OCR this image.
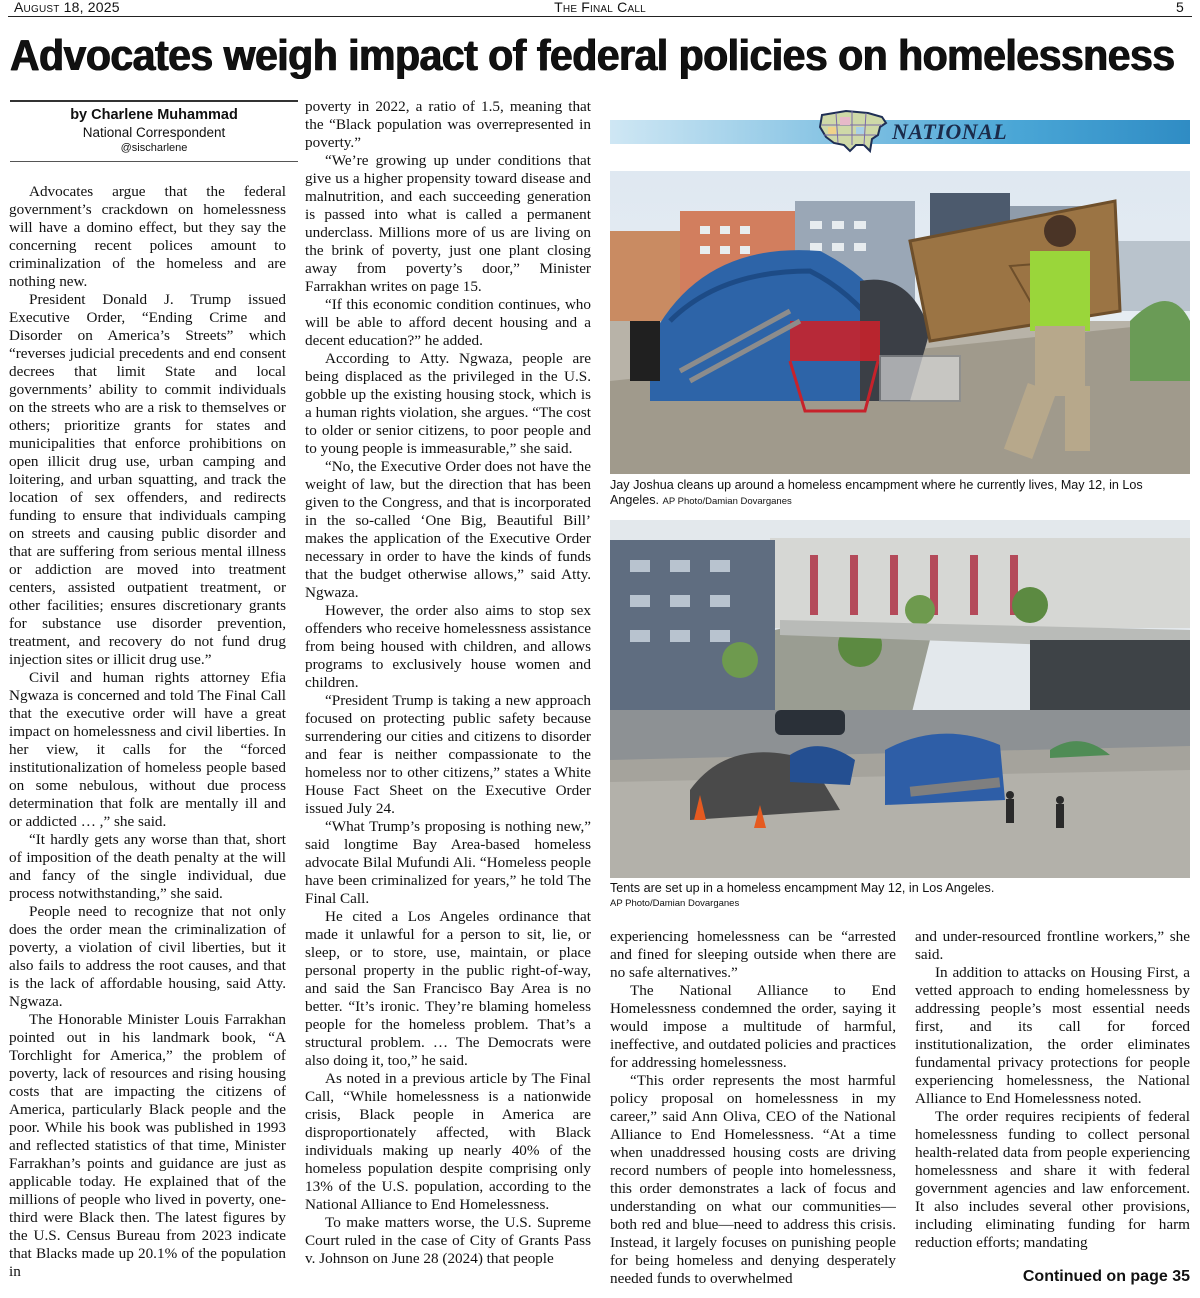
August 18, 2025	The Final Call	5
Advocates weigh impact of federal policies on homelessness
by Charlene Muhammad
National Correspondent
@sischarlene

Advocates argue that the federal government’s crackdown on homelessness will have a domino effect, but they say the concerning recent polices amount to criminalization of the homeless and are nothing new.

President Donald J. Trump issued Executive Order, “Ending Crime and Disorder on America’s Streets” which “reverses judicial precedents and end consent decrees that limit State and local governments’ ability to commit individuals on the streets who are a risk to themselves or others; prioritize grants for states and municipalities that enforce prohibitions on open illicit drug use, urban camping and loitering, and urban squatting, and track the location of sex offenders, and redirects funding to ensure that individuals camping on streets and causing public disorder and that are suffering from serious mental illness or addiction are moved into treatment centers, assisted outpatient treatment, or other facilities; ensures discretionary grants for substance use disorder prevention, treatment, and recovery do not fund drug injection sites or illicit drug use.”

Civil and human rights attorney Efia Ngwaza is concerned and told The Final Call that the executive order will have a great impact on homelessness and civil liberties. In her view, it calls for the “forced institutionalization of homeless people based on some nebulous, without due process determination that folk are mentally ill and or addicted … ,” she said.

“It hardly gets any worse than that, short of imposition of the death penalty at the will and fancy of the single individual, due process notwithstanding,” she said.

People need to recognize that not only does the order mean the criminalization of poverty, a violation of civil liberties, but it also fails to address the root causes, and that is the lack of affordable housing, said Atty. Ngwaza.

The Honorable Minister Louis Farrakhan pointed out in his landmark book, “A Torchlight for America,” the problem of poverty, lack of resources and rising housing costs that are impacting the citizens of America, particularly Black people and the poor. While his book was published in 1993 and reflected statistics of that time, Minister Farrakhan’s points and guidance are just as applicable today. He explained that of the millions of people who lived in poverty, one-third were Black then. The latest figures by the U.S. Census Bureau from 2023 indicate that Blacks made up 20.1% of the population in

poverty in 2022, a ratio of 1.5, meaning that the “Black population was overrepresented in poverty.”

“We’re growing up under conditions that give us a higher propensity toward disease and malnutrition, and each succeeding generation is passed into what is called a permanent underclass. Millions more of us are living on the brink of poverty, just one plant closing away from poverty’s door,” Minister Farrakhan writes on page 15.

“If this economic condition continues, who will be able to afford decent housing and a decent education?” he added.

According to Atty. Ngwaza, people are being displaced as the privileged in the U.S. gobble up the existing housing stock, which is a human rights violation, she argues. “The cost to older or senior citizens, to poor people and to young people is immeasurable,” she said.

“No, the Executive Order does not have the weight of law, but the direction that has been given to the Congress, and that is incorporated in the so-called ‘One Big, Beautiful Bill’ makes the application of the Executive Order necessary in order to have the kinds of funds that the budget otherwise allows,” said Atty. Ngwaza.

However, the order also aims to stop sex offenders who receive homelessness assistance from being housed with children, and allows programs to exclusively house women and children.

“President Trump is taking a new approach focused on protecting public safety because surrendering our cities and citizens to disorder and fear is neither compassionate to the homeless nor to other citizens,” states a White House Fact Sheet on the Executive Order issued July 24.

“What Trump’s proposing is nothing new,” said longtime Bay Area-based homeless advocate Bilal Mufundi Ali. “Homeless people have been criminalized for years,” he told The Final Call.

He cited a Los Angeles ordinance that made it unlawful for a person to sit, lie, or sleep, or to store, use, maintain, or place personal property in the public right-of-way, and said the San Francisco Bay Area is no better. “It’s ironic. They’re blaming homeless people for the homeless problem. That’s a structural problem. … The Democrats were also doing it, too,” he said.

As noted in a previous article by The Final Call, “While homelessness is a nationwide crisis, Black people in America are disproportionately affected, with Black individuals making up nearly 40% of the homeless population despite comprising only 13% of the U.S. population, according to the National Alliance to End Homelessness.

To make matters worse, the U.S. Supreme Court ruled in the case of City of Grants Pass v. Johnson on June 28 (2024) that people

NATIONAL
Jay Joshua cleans up around a homeless encampment where he currently lives, May 12, in Los Angeles. AP Photo/Damian Dovarganes
Tents are set up in a homeless encampment May 12, in Los Angeles.
AP Photo/Damian Dovarganes

experiencing homelessness can be “arrested and fined for sleeping outside when there are no safe alternatives.”

The National Alliance to End Homelessness condemned the order, saying it would impose a multitude of harmful, ineffective, and outdated policies and practices for addressing homelessness.

“This order represents the most harmful policy proposal on homelessness in my career,” said Ann Oliva, CEO of the National Alliance to End Homelessness. “At a time when unaddressed housing costs are driving record numbers of people into homelessness, this order demonstrates a lack of focus and understanding on what our communities—both red and blue—need to address this crisis. Instead, it largely focuses on punishing people for being homeless and denying desperately needed funds to overwhelmed

and under-resourced frontline workers,” she said.

In addition to attacks on Housing First, a vetted approach to ending homelessness by addressing people’s most essential needs first, and its call for forced institutionalization, the order eliminates fundamental privacy protections for people experiencing homelessness, the National Alliance to End Homelessness noted.

The order requires recipients of federal homelessness funding to collect personal health-related data from people experiencing homelessness and share it with federal government agencies and law enforcement. It also includes several other provisions, including eliminating funding for harm reduction efforts; mandating

Continued on page 35
